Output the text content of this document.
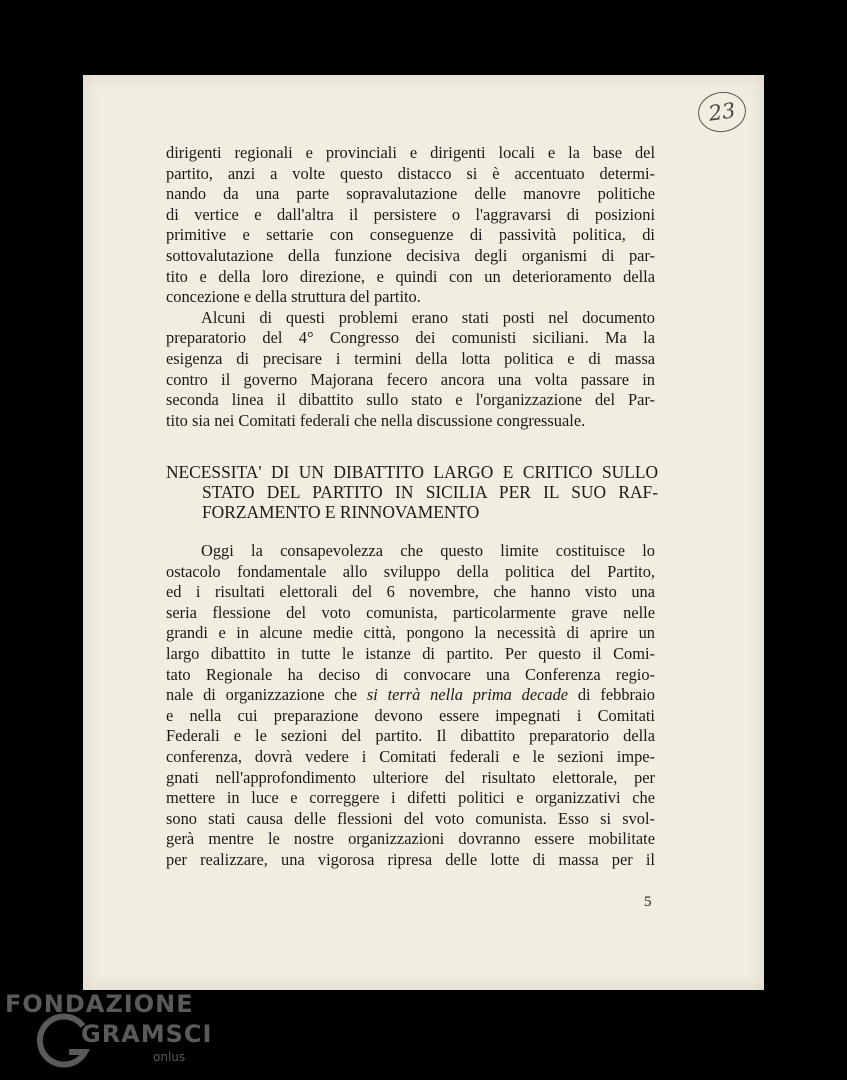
23
dirigenti regionali e provinciali e dirigenti locali e la base del
partito, anzi a volte questo distacco si è accentuato determi-
nando da una parte sopravalutazione delle manovre politiche
di vertice e dall'altra il persistere o l'aggravarsi di posizioni
primitive e settarie con conseguenze di passività politica, di
sottovalutazione della funzione decisiva degli organismi di par-
tito e della loro direzione, e quindi con un deterioramento della
concezione e della struttura del partito.
Alcuni di questi problemi erano stati posti nel documento
preparatorio del 4° Congresso dei comunisti siciliani. Ma la
esigenza di precisare i termini della lotta politica e di massa
contro il governo Majorana fecero ancora una volta passare in
seconda linea il dibattito sullo stato e l'organizzazione del Par-
tito sia nei Comitati federali che nella discussione congressuale.
NECESSITA' DI UN DIBATTITO LARGO E CRITICO SULLO
STATO DEL PARTITO IN SICILIA PER IL SUO RAF-
FORZAMENTO E RINNOVAMENTO
Oggi la consapevolezza che questo limite costituisce lo
ostacolo fondamentale allo sviluppo della politica del Partito,
ed i risultati elettorali del 6 novembre, che hanno visto una
seria flessione del voto comunista, particolarmente grave nelle
grandi e in alcune medie città, pongono la necessità di aprire un
largo dibattito in tutte le istanze di partito. Per questo il Comi-
tato Regionale ha deciso di convocare una Conferenza regio-
nale di organizzazione che si terrà nella prima decade di febbraio
e nella cui preparazione devono essere impegnati i Comitati
Federali e le sezioni del partito. Il dibattito preparatorio della
conferenza, dovrà vedere i Comitati federali e le sezioni impe-
gnati nell'approfondimento ulteriore del risultato elettorale, per
mettere in luce e correggere i difetti politici e organizzativi che
sono stati causa delle flessioni del voto comunista. Esso si svol-
gerà mentre le nostre organizzazioni dovranno essere mobilitate
per realizzare, una vigorosa ripresa delle lotte di massa per il
5
FONDAZIONE
GRAMSCI
onlus
